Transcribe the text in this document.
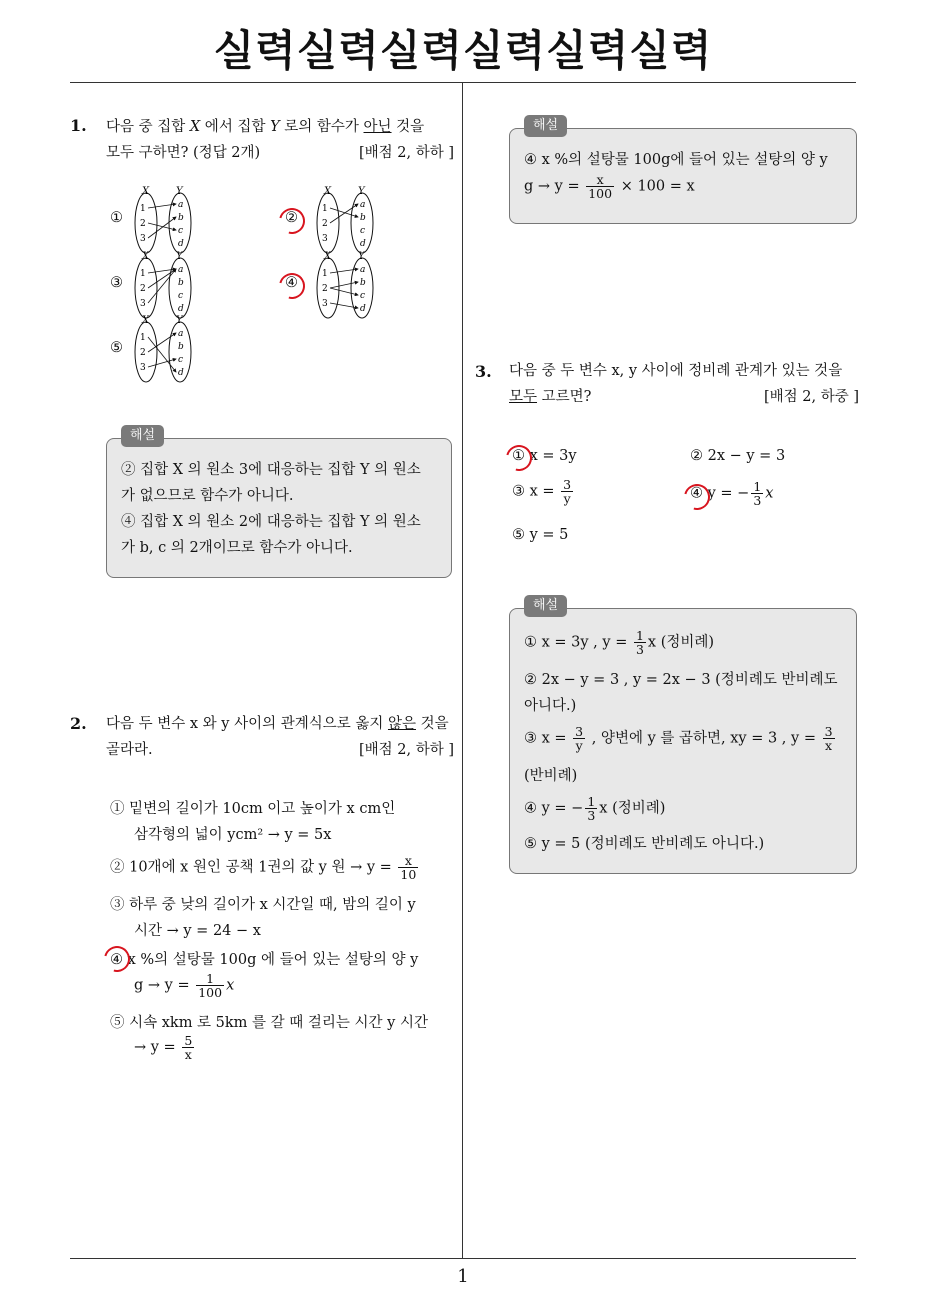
실력실력실력실력실력실력
1
1. 다음 중 집합 X 에서 집합 Y 로의 함수가 아닌 것을
모두 구하면? (정답 2개)	[배점 2, 하하 ]
①	②
③	④
⑤
X	Y
1
2
3
a
b
c
d
X	Y
1
2
3
a
b
c
d
X	Y
1
2
3
a
b
c
d
X	Y
1
2
3
a
b
c
d
X	Y
1
2
3
a
b
c
d
해설
② 집합 X 의 원소 3에 대응하는 집합 Y 의 원소
가 없으므로 함수가 아니다.
④ 집합 X 의 원소 2에 대응하는 집합 Y 의 원소
가 b, c 의 2개이므로 함수가 아니다.
2. 다음 두 변수 x 와 y 사이의 관계식으로 옳지 않은 것을
골라라.	[배점 2, 하하 ]
① 밑변의 길이가 10cm 이고 높이가 x cm인
삼각형의 넓이 ycm² → y = 5x
② 10개에 x 원인 공책 1권의 값 y 원 → $y = \frac{x}{10}$
③ 하루 중 낮의 길이가 x 시간일 때, 밤의 길이 y
시간 → y = 24 − x
④ x %의 설탕물 100g 에 들어 있는 설탕의 양 y
$g \to y = \frac{1}{100}$ x
⑤ 시속 xkm 로 5km 를 갈 때 걸리는 시간 y 시간
→ $y = \frac{5}{x}$
해설
④ x %의 설탕물 100g에 들어 있는 설탕의 양 y
$g \to y = \frac{x}{100} \times 100 = x$
3. 다음 중 두 변수 x, y 사이에 정비례 관계가 있는 것을
모두 고르면?	[배점 2, 하중 ]
① x = 3y	② 2x − y = 3
③ $x = \frac{3}{y}$	④ y = − $\frac{1}{3}$ x
⑤ y = 5
해설
① x = 3y , $y = \frac{1}{3}$ x (정비례)
② 2x − y = 3 , y = 2x − 3 (정비례도 반비례도
아니다.)
③ $x = \frac{3}{y}$ , 양변에 y 를 곱하면, xy = 3 , $y = \frac{3}{x}$
(반비례)
④ y = − $\frac{1}{3}$ x (정비례)
⑤ y = 5 (정비례도 반비례도 아니다.)
